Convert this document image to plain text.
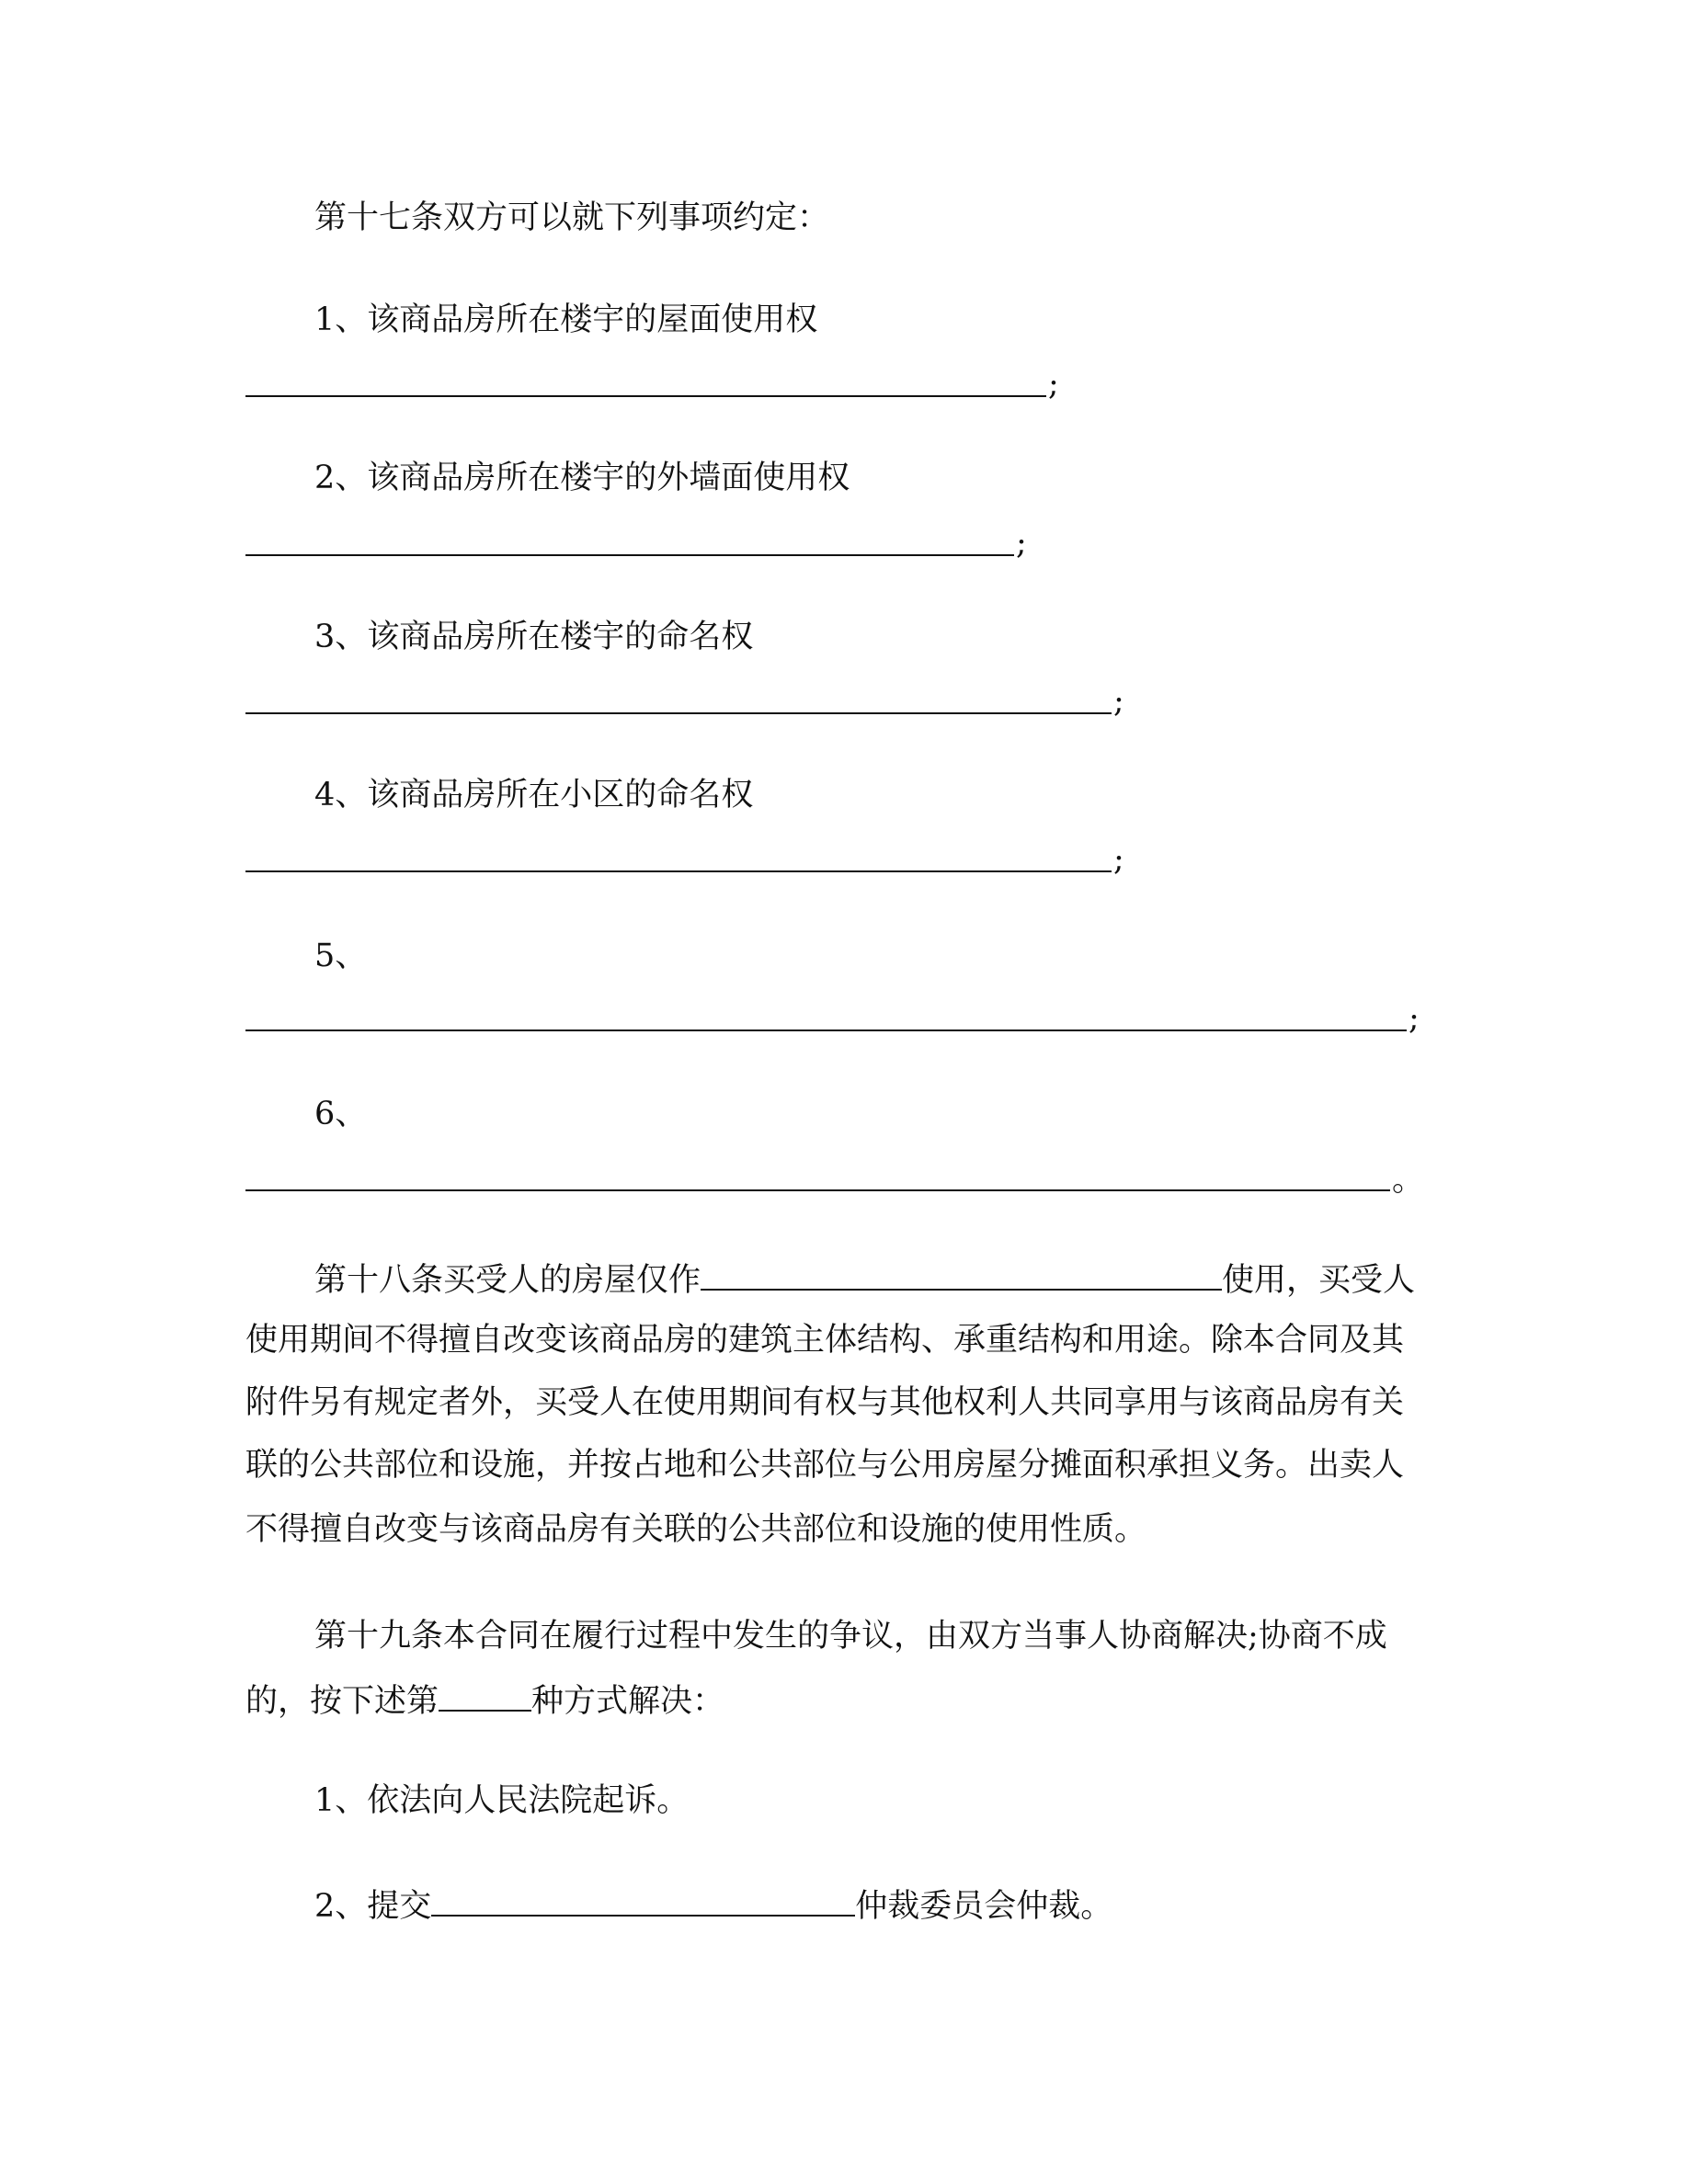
第十七条双方可以就下列事项约定：
1、该商品房所在楼宇的屋面使用权
;
2、该商品房所在楼宇的外墙面使用权
;
3、该商品房所在楼宇的命名权
;
4、该商品房所在小区的命名权
;
5、
;
6、
。
第十八条买受人的房屋仅作	使用，买受人
使用期间不得擅自改变该商品房的建筑主体结构、承重结构和用途。除本合同及其
附件另有规定者外，买受人在使用期间有权与其他权利人共同享用与该商品房有关
联的公共部位和设施，并按占地和公共部位与公用房屋分摊面积承担义务。出卖人
不得擅自改变与该商品房有关联的公共部位和设施的使用性质。
第十九条本合同在履行过程中发生的争议，由双方当事人协商解决;协商不成
的，按下述第	种方式解决：
1、依法向人民法院起诉。
2、提交	仲裁委员会仲裁。
